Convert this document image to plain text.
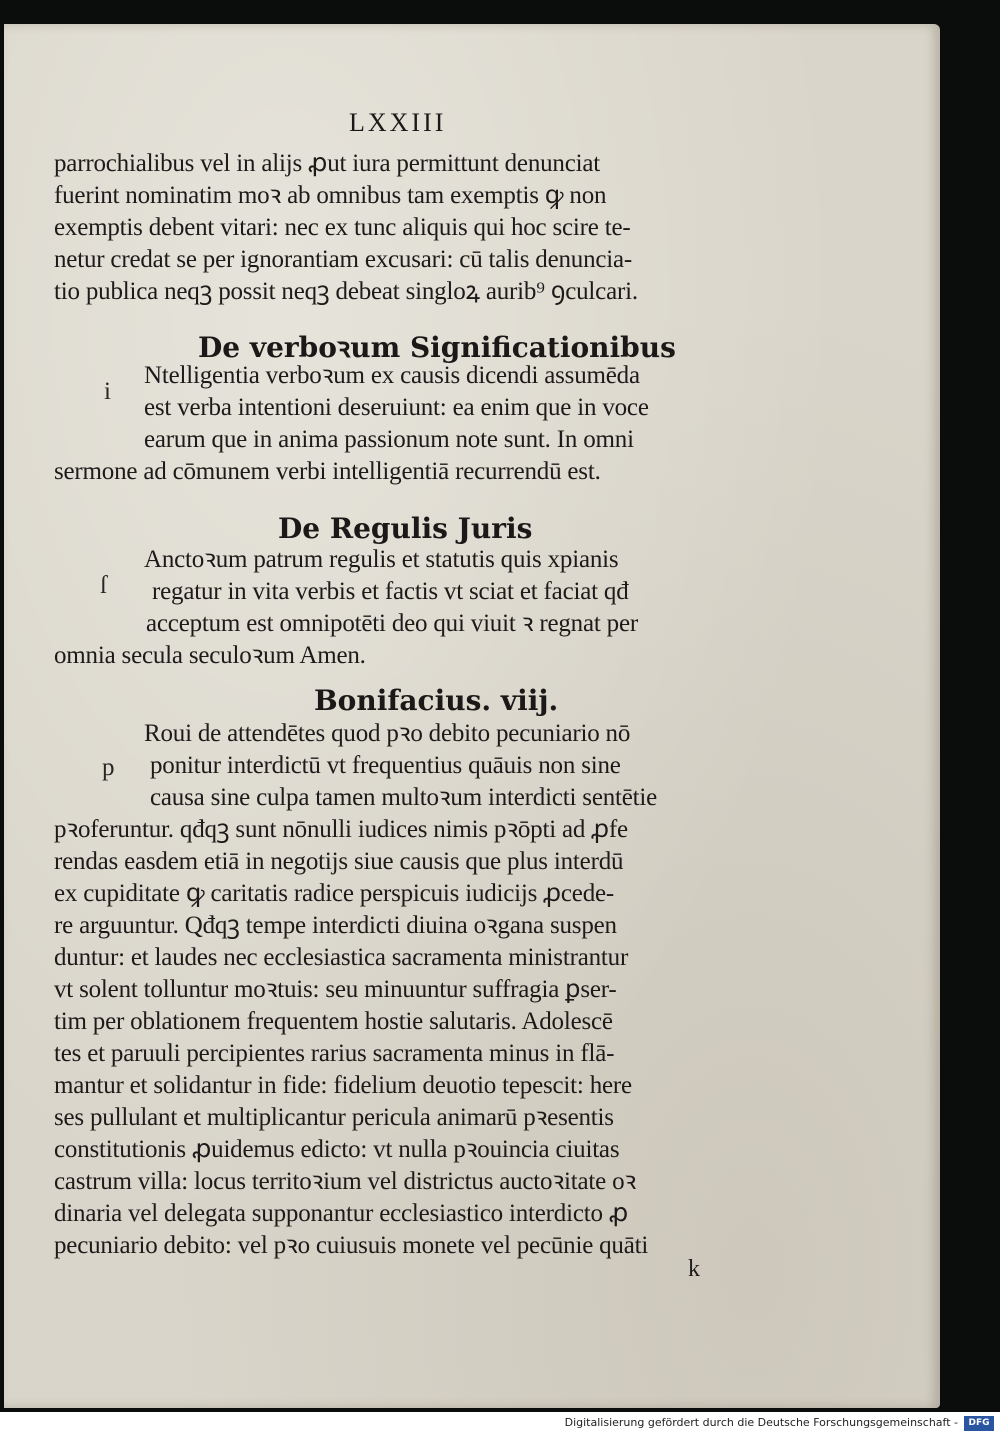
LXXIII
parrochialibus vel in alijs ꝓut iura permittunt denunciat
fuerint nominatim moꝛ ab omnibus tam exemptis ꝙ non
exemptis debent vitari: nec ex tunc aliquis qui hoc scire te-
netur credat se per ignorantiam excusari: cū talis denuncia-
tio publica neqꝫ possit neqꝫ debeat singloꝝ aurib⁹ ꝯculcari.
De verboꝛum Significationibus
i
Ntelligentia verboꝛum ex causis dicendi assumēda
est verba intentioni deseruiunt: ea enim que in voce
earum que in anima passionum note sunt. In omni
sermone ad cōmunem verbi intelligentiā recurrendū est.
De Regulis Juris
ſ
Anctoꝛum patrum regulis et statutis quis xpianis
regatur in vita verbis et factis vt sciat et faciat qđ
acceptum est omnipotēti deo qui viuit ꝛ regnat per
omnia secula seculoꝛum Amen.
Bonifacius. viij.
p
Roui de attendētes quod pꝛo debito pecuniario nō
ponitur interdictū vt frequentius quāuis non sine
causa sine culpa tamen multoꝛum interdicti sentētie
pꝛoferuntur. qđqꝫ sunt nōnulli iudices nimis pꝛōpti ad ꝓfe
rendas easdem etiā in negotijs siue causis que plus interdū
ex cupiditate ꝙ caritatis radice perspicuis iudicijs ꝓcede-
re arguuntur. Qđqꝫ tempe interdicti diuina oꝛgana suspen
duntur: et laudes nec ecclesiastica sacramenta ministrantur
vt solent tolluntur moꝛtuis: seu minuuntur suffragia ꝑser-
tim per oblationem frequentem hostie salutaris. Adolescē
tes et paruuli percipientes rarius sacramenta minus in flā-
mantur et solidantur in fide: fidelium deuotio tepescit: here
ses pullulant et multiplicantur pericula animarū pꝛesentis
constitutionis ꝓuidemus edicto: vt nulla pꝛouincia ciuitas
castrum villa: locus territoꝛium vel districtus auctoꝛitate oꝛ
dinaria vel delegata supponantur ecclesiastico interdicto ꝓ
pecuniario debito: vel pꝛo cuiusuis monete vel pecūnie quāti
k
Digitalisierung gefördert durch die Deutsche Forschungsgemeinschaft -	DFG
